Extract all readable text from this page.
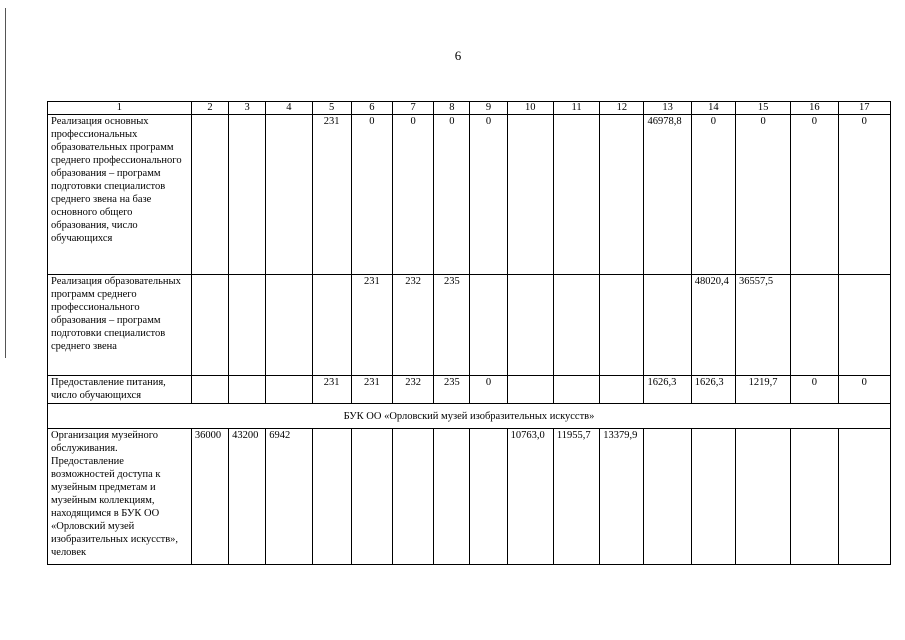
6
1	2	3	4	5	6	7	8	9	10	11	12	13	14	15	16	17
Реализация основных профессиональных образовательных программ среднего профессионального образования – программ подготовки специалистов среднего звена на базе основного общего образования, число обучающихся				231	0	0	0	0				46978,8	0	0	0	0
Реализация образовательных программ среднего профессионального образования – программ подготовки специалистов среднего звена					231	232	235						48020,4	36557,5		
Предоставление питания, число обучающихся				231	231	232	235	0				1626,3	1626,3	1219,7	0	0
БУК ОО «Орловский музей изобразительных искусств»																
Организация музейного обслуживания. Предоставление возможностей доступа к музейным предметам и музейным коллекциям, находящимся в БУК ОО «Орловский музей изобразительных искусств», человек	36000	43200	6942						10763,0	11955,7	13379,9					
